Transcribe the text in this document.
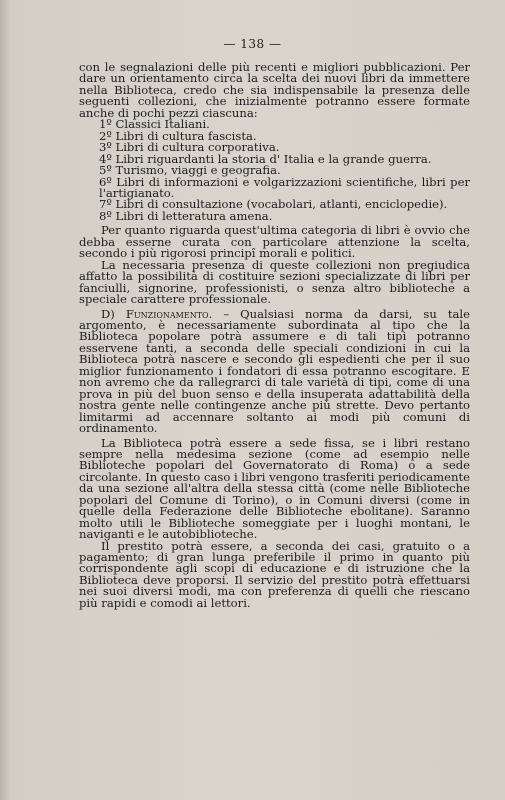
— 138 —

con le segnalazioni delle più recenti e migliori pubblicazioni. Per dare un orientamento circa la scelta dei nuovi libri da immettere nella Biblioteca, credo che sia indispensabile la presenza delle seguenti collezioni, che inizialmente potranno essere formate anche di pochi pezzi ciascuna:

1º Classici Italiani.

2º Libri di cultura fascista.

3º Libri di cultura corporativa.

4º Libri riguardanti la storia d' Italia e la grande guerra.

5º Turismo, viaggi e geografia.

6º Libri di informazioni e volgarizzazioni scientifiche, libri per l'artigianato.

7º Libri di consultazione (vocabolari, atlanti, enciclopedie).

8º Libri di letteratura amena.

Per quanto riguarda quest'ultima categoria di libri è ovvio che debba esserne curata con particolare attenzione la scelta, secondo i più rigorosi principî morali e politici.

La necessaria presenza di queste collezioni non pregiudica affatto la possibilità di costituire sezioni specializzate di libri per fanciulli, signorine, professionisti, o senza altro biblioteche a speciale carattere professionale.

D) Funzionamento. – Qualsiasi norma da darsi, su tale argomento, è necessariamente subordinata al tipo che la Biblioteca popolare potrà assumere e di tali tipi potranno esservene tanti, a seconda delle speciali condizioni in cui la Biblioteca potrà nascere e secondo gli espedienti che per il suo miglior funzionamento i fondatori di essa potranno escogitare. E non avremo che da rallegrarci di tale varietà di tipi, come di una prova in più del buon senso e della insuperata adattabilità della nostra gente nelle contingenze anche più strette. Devo pertanto limitarmi ad accennare soltanto ai modi più comuni di ordinamento.

La Biblioteca potrà essere a sede fissa, se i libri restano sempre nella medesima sezione (come ad esempio nelle Biblioteche popolari del Governatorato di Roma) o a sede circolante. In questo caso i libri vengono trasferiti periodicamente da una sezione all'altra della stessa città (come nelle Biblioteche popolari del Comune di Torino), o in Comuni diversi (come in quelle della Federazione delle Biblioteche ebolitane). Saranno molto utili le Biblioteche someggiate per i luoghi montani, le naviganti e le autobiblioteche.

Il prestito potrà essere, a seconda dei casi, gratuito o a pagamento; di gran lunga preferibile il primo in quanto più corrispondente agli scopi di educazione e di istruzione che la Biblioteca deve proporsi. Il servizio del prestito potrà effettuarsi nei suoi diversi modi, ma con preferenza di quelli che riescano più rapidi e comodi ai lettori.
